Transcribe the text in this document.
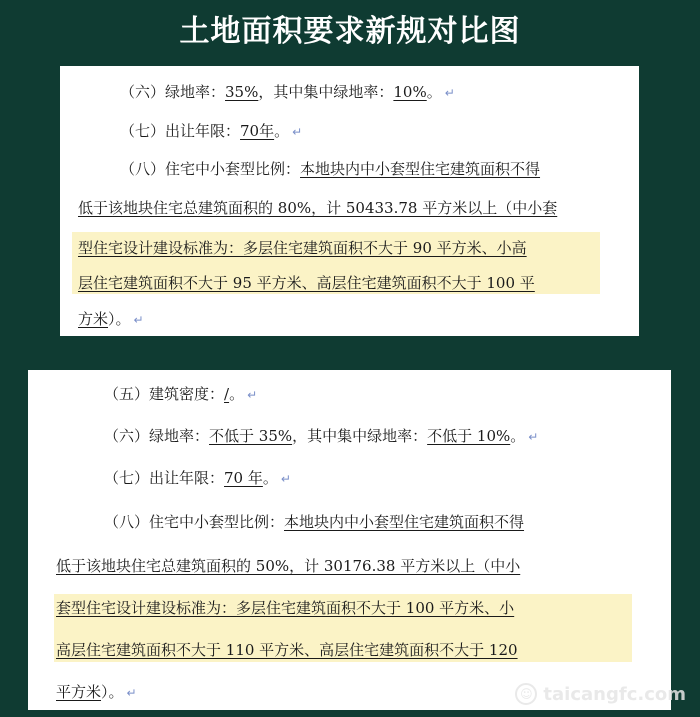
土地面积要求新规对比图
（六）绿地率：35%，其中集中绿地率：10%。 ↵
（七）出让年限：70年。 ↵
（八）住宅中小套型比例：本地块内中小套型住宅建筑面积不得
低于该地块住宅总建筑面积的 80%，计 50433.78 平方米以上（中小套
型住宅设计建设标准为：多层住宅建筑面积不大于 90 平方米、小高
层住宅建筑面积不大于 95 平方米、高层住宅建筑面积不大于 100 平
方米）。 ↵
（五）建筑密度：/。 ↵
（六）绿地率：不低于 35%，其中集中绿地率：不低于 10%。 ↵
（七）出让年限：70 年。 ↵
（八）住宅中小套型比例：本地块内中小套型住宅建筑面积不得
低于该地块住宅总建筑面积的 50%，计 30176.38 平方米以上（中小
套型住宅设计建设标准为：多层住宅建筑面积不大于 100 平方米、小
高层住宅建筑面积不大于 110 平方米、高层住宅建筑面积不大于 120
平方米）。 ↵	☺ taicangfc.com
